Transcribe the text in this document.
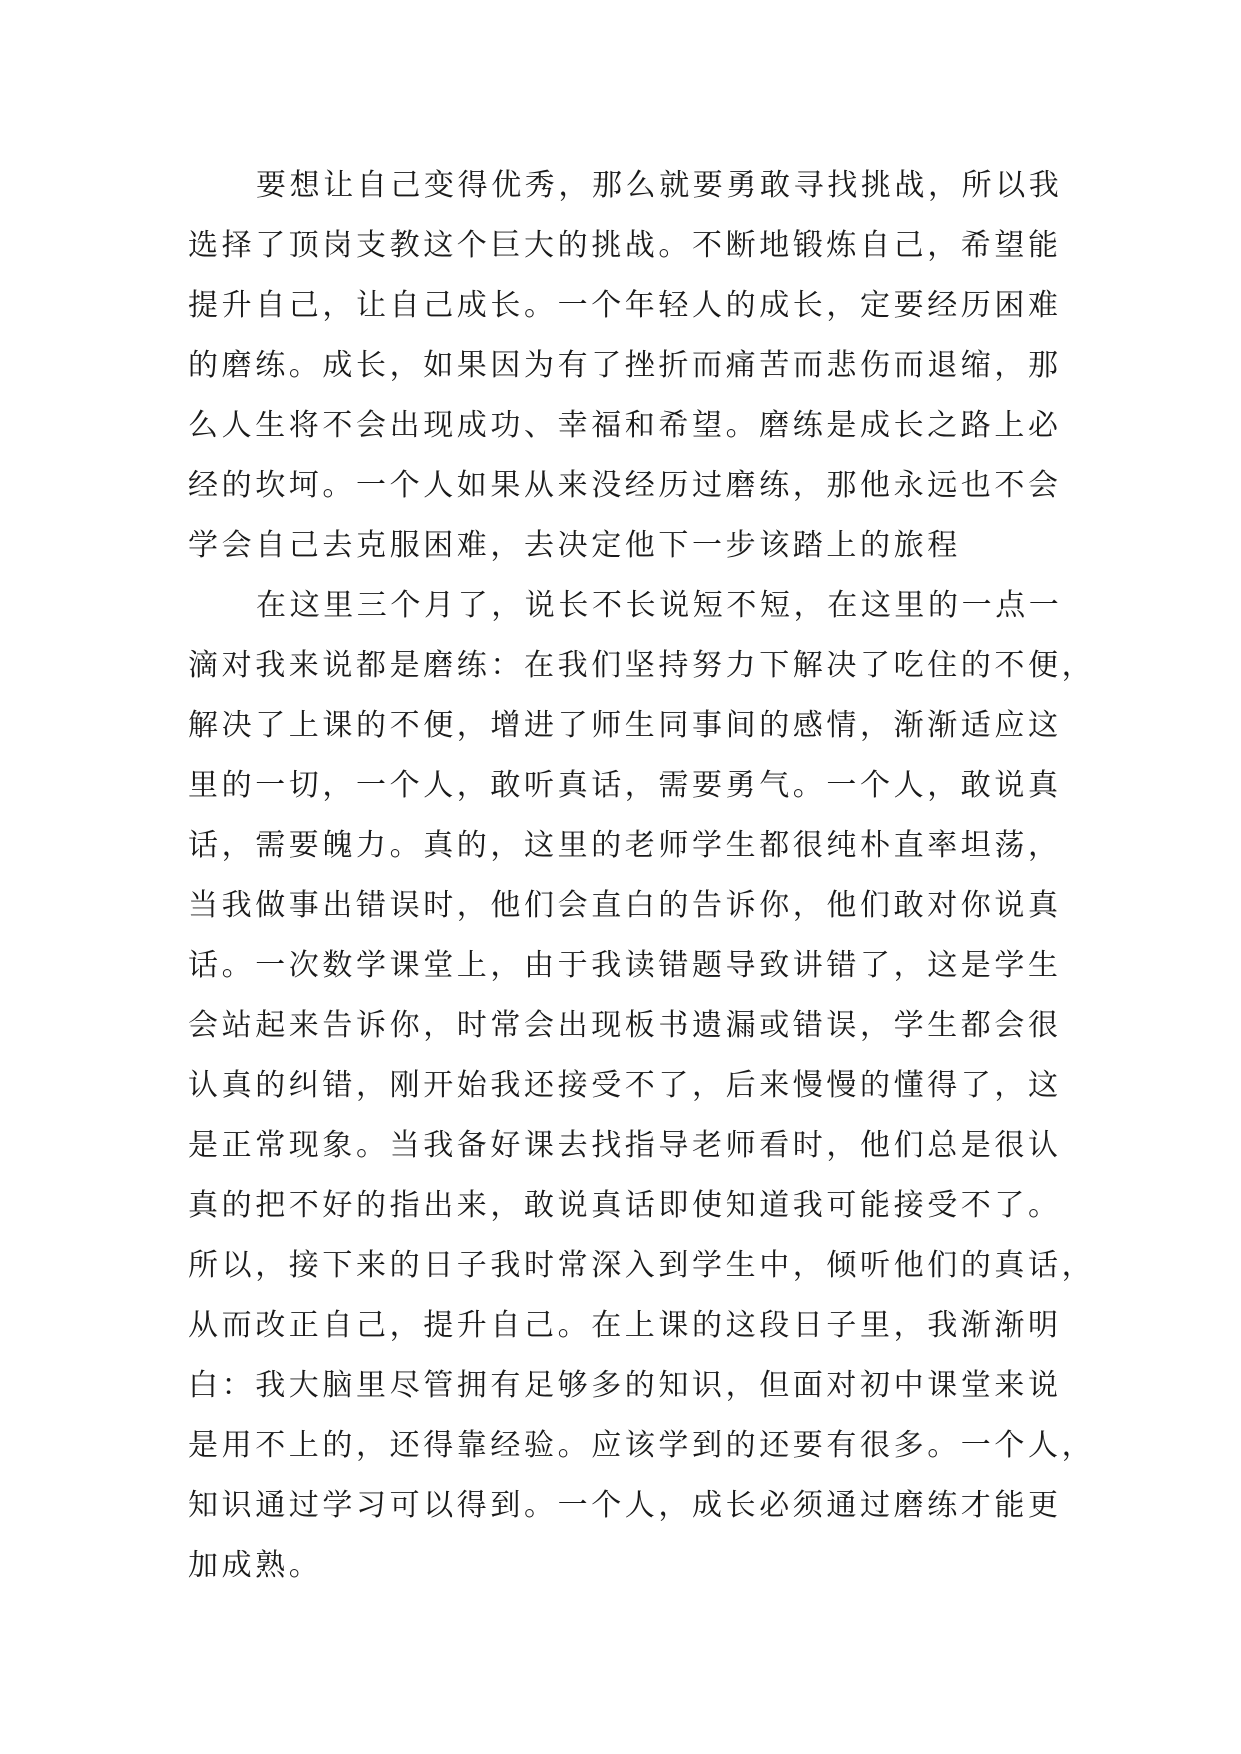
要想让自己变得优秀，那么就要勇敢寻找挑战，所以我
选择了顶岗支教这个巨大的挑战。不断地锻炼自己，希望能
提升自己，让自己成长。一个年轻人的成长，定要经历困难
的磨练。成长，如果因为有了挫折而痛苦而悲伤而退缩，那
么人生将不会出现成功、幸福和希望。磨练是成长之路上必
经的坎坷。一个人如果从来没经历过磨练，那他永远也不会
学会自己去克服困难，去决定他下一步该踏上的旅程

在这里三个月了，说长不长说短不短，在这里的一点一
滴对我来说都是磨练：在我们坚持努力下解决了吃住的不便，
解决了上课的不便，增进了师生同事间的感情，渐渐适应这
里的一切，一个人，敢听真话，需要勇气。一个人，敢说真
话，需要魄力。真的，这里的老师学生都很纯朴直率坦荡，
当我做事出错误时，他们会直白的告诉你，他们敢对你说真
话。一次数学课堂上，由于我读错题导致讲错了，这是学生
会站起来告诉你，时常会出现板书遗漏或错误，学生都会很
认真的纠错，刚开始我还接受不了，后来慢慢的懂得了，这
是正常现象。当我备好课去找指导老师看时，他们总是很认
真的把不好的指出来，敢说真话即使知道我可能接受不了。
所以，接下来的日子我时常深入到学生中，倾听他们的真话，
从而改正自己，提升自己。在上课的这段日子里，我渐渐明
白：我大脑里尽管拥有足够多的知识，但面对初中课堂来说
是用不上的，还得靠经验。应该学到的还要有很多。一个人，
知识通过学习可以得到。一个人，成长必须通过磨练才能更
加成熟。
